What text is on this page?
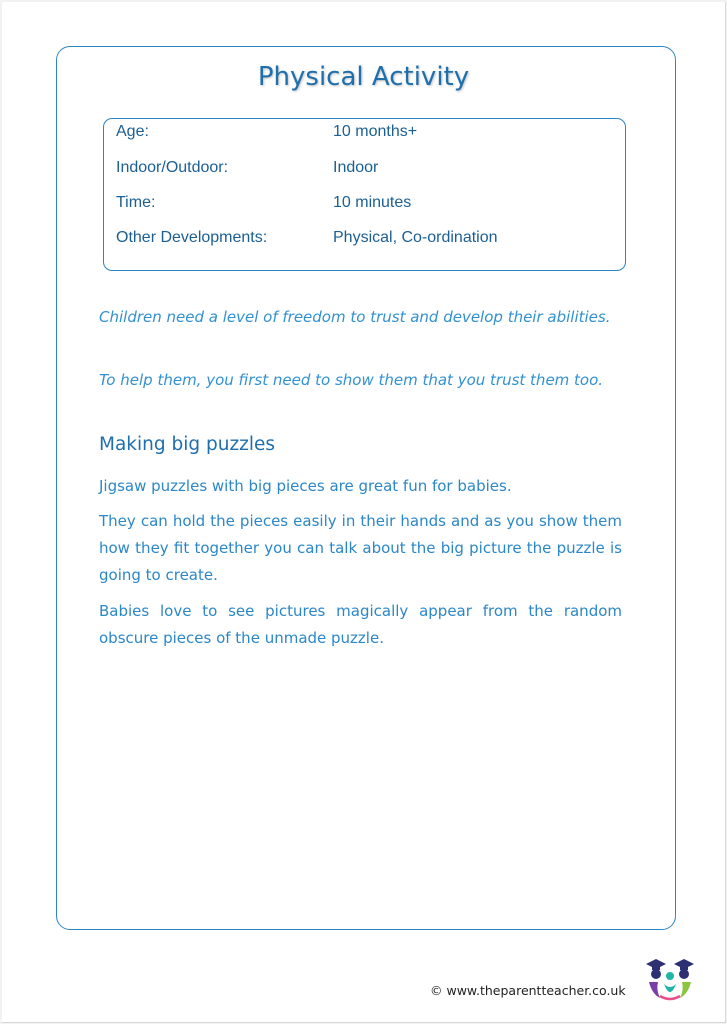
Physical Activity
Age:	10 months+
Indoor/Outdoor:	Indoor
Time:	10 minutes
Other Developments:	Physical, Co-ordination
Children need a level of freedom to trust and develop their abilities.
To help them, you first need to show them that you trust them too.
Making big puzzles
Jigsaw puzzles with big pieces are great fun for babies.
They can hold the pieces easily in their hands and as you show them how they fit together you can talk about the big picture the puzzle is going to create.
Babies love to see pictures magically appear from the random obscure pieces of the unmade puzzle.
© www.theparentteacher.co.uk
